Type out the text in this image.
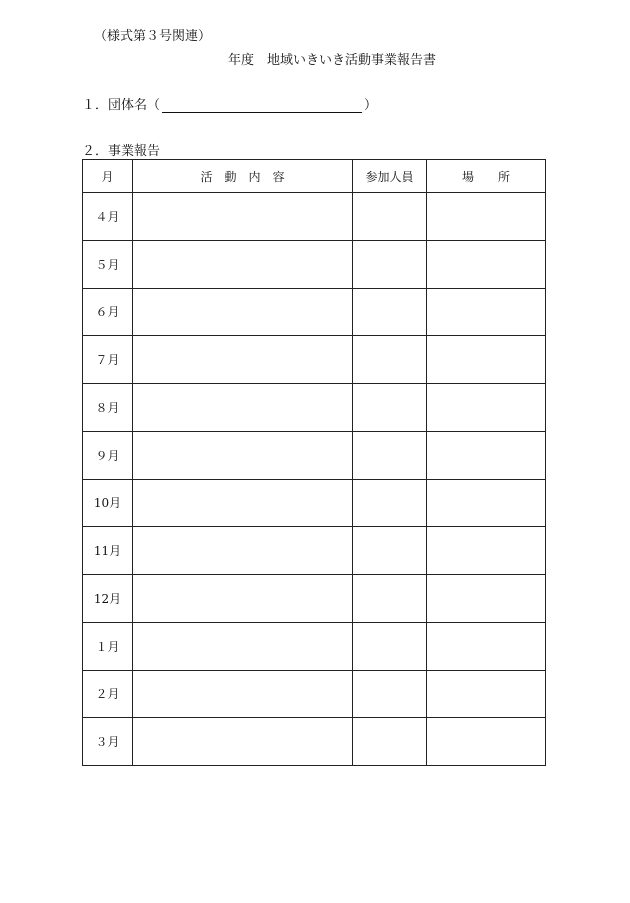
（様式第３号関連）
年度　地域いきいき活動事業報告書
１．団体名（	）
２．事業報告
月	活　動　内　容	参加人員	場　　所
４月			
５月			
６月			
７月			
８月			
９月			
10月			
11月			
12月			
１月			
２月			
３月			
